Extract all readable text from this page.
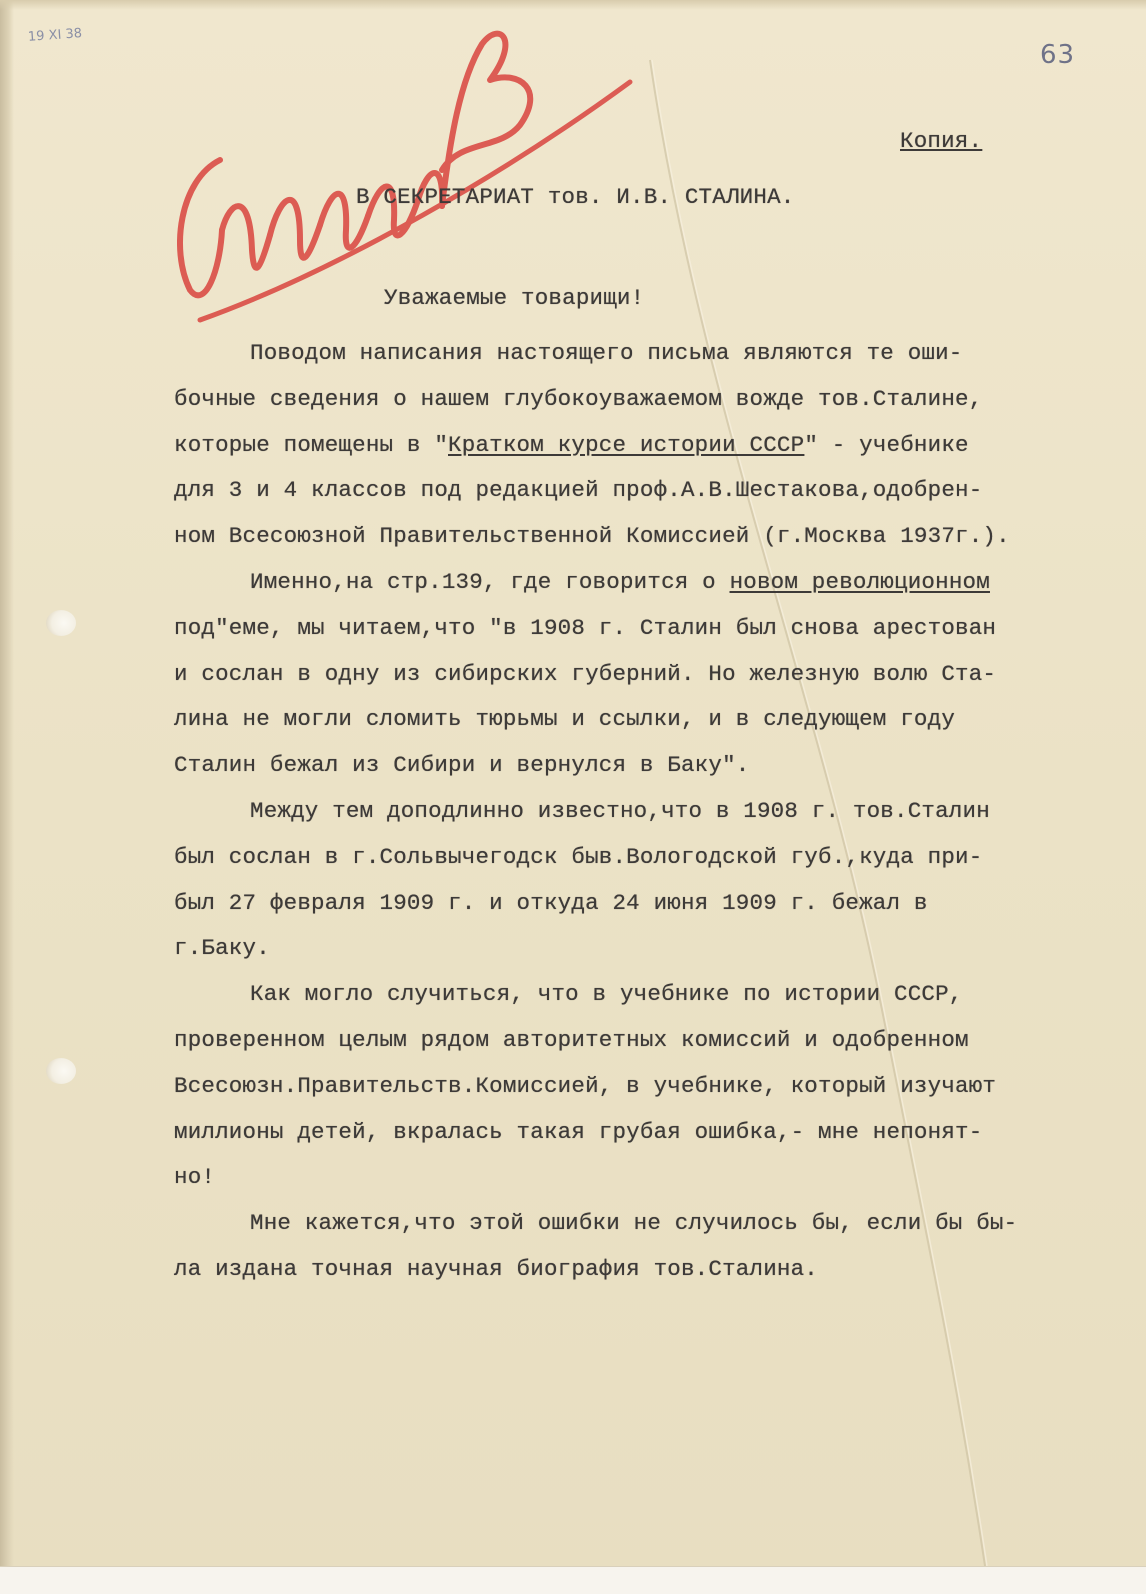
19 XI 38
63
Копия.
В СЕКРЕТАРИАТ тов. И.В. СТАЛИНА.
Уважаемые товарищи!
Поводом написания настоящего письма являются те оши-
бочные сведения о нашем глубокоуважаемом вожде тов.Сталине,
которые помещены в "Кратком курсе истории СССР" - учебнике
для 3 и 4 классов под редакцией проф.А.В.Шестакова,одобрен-
ном Всесоюзной Правительственной Комиссией (г.Москва 1937г.).
Именно,на стр.139, где говорится о новом революционном
под"еме, мы читаем,что "в 1908 г. Сталин был снова арестован
и сослан в одну из сибирских губерний. Но железную волю Ста-
лина не могли сломить тюрьмы и ссылки, и в следующем году
Сталин бежал из Сибири и вернулся в Баку".
Между тем доподлинно известно,что в 1908 г. тов.Сталин
был сослан в г.Сольвычегодск быв.Вологодской губ.,куда при-
был 27 февраля 1909 г. и откуда 24 июня 1909 г. бежал в
г.Баку.
Как могло случиться, что в учебнике по истории СССР,
проверенном целым рядом авторитетных комиссий и одобренном
Всесоюзн.Правительств.Комиссией, в учебнике, который изучают
миллионы детей, вкралась такая грубая ошибка,- мне непонят-
но!
Мне кажется,что этой ошибки не случилось бы, если бы бы-
ла издана точная научная биография тов.Сталина.
